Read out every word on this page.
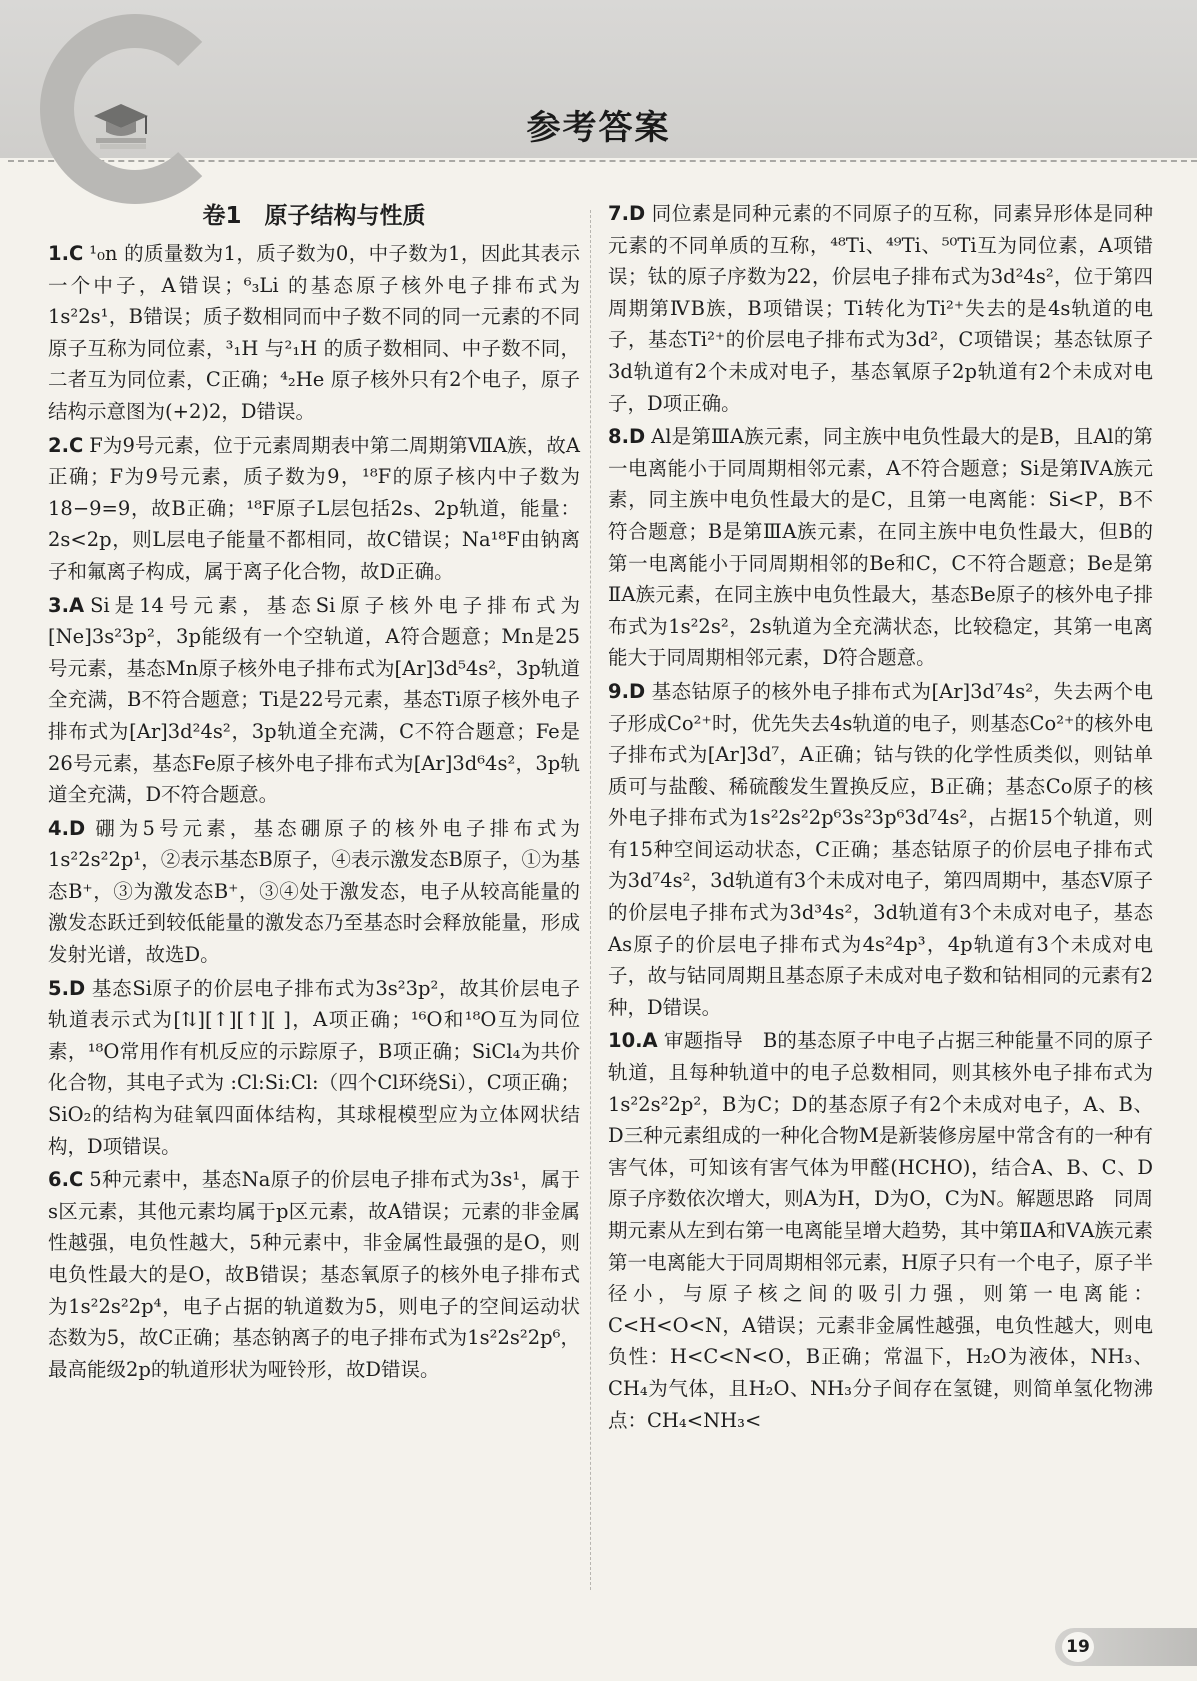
参考答案
卷1　原子结构与性质
1.C ¹₀n 的质量数为1，质子数为0，中子数为1，因此其表示一个中子，A错误；⁶₃Li 的基态原子核外电子排布式为1s²2s¹，B错误；质子数相同而中子数不同的同一元素的不同原子互称为同位素，³₁H 与²₁H 的质子数相同、中子数不同，二者互为同位素，C正确；⁴₂He 原子核外只有2个电子，原子结构示意图为(+2)2，D错误。
2.C F为9号元素，位于元素周期表中第二周期第ⅦA族，故A正确；F为9号元素，质子数为9，¹⁸F的原子核内中子数为18−9=9，故B正确；¹⁸F原子L层包括2s、2p轨道，能量：2s<2p，则L层电子能量不都相同，故C错误；Na¹⁸F由钠离子和氟离子构成，属于离子化合物，故D正确。
3.A Si是14号元素，基态Si原子核外电子排布式为[Ne]3s²3p²，3p能级有一个空轨道，A符合题意；Mn是25号元素，基态Mn原子核外电子排布式为[Ar]3d⁵4s²，3p轨道全充满，B不符合题意；Ti是22号元素，基态Ti原子核外电子排布式为[Ar]3d²4s²，3p轨道全充满，C不符合题意；Fe是26号元素，基态Fe原子核外电子排布式为[Ar]3d⁶4s²，3p轨道全充满，D不符合题意。
4.D 硼为5号元素，基态硼原子的核外电子排布式为1s²2s²2p¹，②表示基态B原子，④表示激发态B原子，①为基态B⁺，③为激发态B⁺，③④处于激发态，电子从较高能量的激发态跃迁到较低能量的激发态乃至基态时会释放能量，形成发射光谱，故选D。
5.D 基态Si原子的价层电子排布式为3s²3p²，故其价层电子轨道表示式为[⇅][↑][↑][ ]，A项正确；¹⁶O和¹⁸O互为同位素，¹⁸O常用作有机反应的示踪原子，B项正确；SiCl₄为共价化合物，其电子式为 :Cl:Si:Cl:（四个Cl环绕Si），C项正确；SiO₂的结构为硅氧四面体结构，其球棍模型应为立体网状结构，D项错误。
6.C 5种元素中，基态Na原子的价层电子排布式为3s¹，属于s区元素，其他元素均属于p区元素，故A错误；元素的非金属性越强，电负性越大，5种元素中，非金属性最强的是O，则电负性最大的是O，故B错误；基态氧原子的核外电子排布式为1s²2s²2p⁴，电子占据的轨道数为5，则电子的空间运动状态数为5，故C正确；基态钠离子的电子排布式为1s²2s²2p⁶，最高能级2p的轨道形状为哑铃形，故D错误。
7.D 同位素是同种元素的不同原子的互称，同素异形体是同种元素的不同单质的互称，⁴⁸Ti、⁴⁹Ti、⁵⁰Ti互为同位素，A项错误；钛的原子序数为22，价层电子排布式为3d²4s²，位于第四周期第ⅣB族，B项错误；Ti转化为Ti²⁺失去的是4s轨道的电子，基态Ti²⁺的价层电子排布式为3d²，C项错误；基态钛原子3d轨道有2个未成对电子，基态氧原子2p轨道有2个未成对电子，D项正确。
8.D Al是第ⅢA族元素，同主族中电负性最大的是B，且Al的第一电离能小于同周期相邻元素，A不符合题意；Si是第ⅣA族元素，同主族中电负性最大的是C，且第一电离能：Si<P，B不符合题意；B是第ⅢA族元素，在同主族中电负性最大，但B的第一电离能小于同周期相邻的Be和C，C不符合题意；Be是第ⅡA族元素，在同主族中电负性最大，基态Be原子的核外电子排布式为1s²2s²，2s轨道为全充满状态，比较稳定，其第一电离能大于同周期相邻元素，D符合题意。
9.D 基态钴原子的核外电子排布式为[Ar]3d⁷4s²，失去两个电子形成Co²⁺时，优先失去4s轨道的电子，则基态Co²⁺的核外电子排布式为[Ar]3d⁷，A正确；钴与铁的化学性质类似，则钴单质可与盐酸、稀硫酸发生置换反应，B正确；基态Co原子的核外电子排布式为1s²2s²2p⁶3s²3p⁶3d⁷4s²，占据15个轨道，则有15种空间运动状态，C正确；基态钴原子的价层电子排布式为3d⁷4s²，3d轨道有3个未成对电子，第四周期中，基态V原子的价层电子排布式为3d³4s²，3d轨道有3个未成对电子，基态As原子的价层电子排布式为4s²4p³，4p轨道有3个未成对电子，故与钴同周期且基态原子未成对电子数和钴相同的元素有2种，D错误。
10.A 审题指导　B的基态原子中电子占据三种能量不同的原子轨道，且每种轨道中的电子总数相同，则其核外电子排布式为1s²2s²2p²，B为C；D的基态原子有2个未成对电子，A、B、D三种元素组成的一种化合物M是新装修房屋中常含有的一种有害气体，可知该有害气体为甲醛(HCHO)，结合A、B、C、D原子序数依次增大，则A为H，D为O，C为N。解题思路　同周期元素从左到右第一电离能呈增大趋势，其中第ⅡA和ⅤA族元素第一电离能大于同周期相邻元素，H原子只有一个电子，原子半径小，与原子核之间的吸引力强，则第一电离能：C<H<O<N，A错误；元素非金属性越强，电负性越大，则电负性：H<C<N<O，B正确；常温下，H₂O为液体，NH₃、CH₄为气体，且H₂O、NH₃分子间存在氢键，则简单氢化物沸点：CH₄<NH₃<
19
